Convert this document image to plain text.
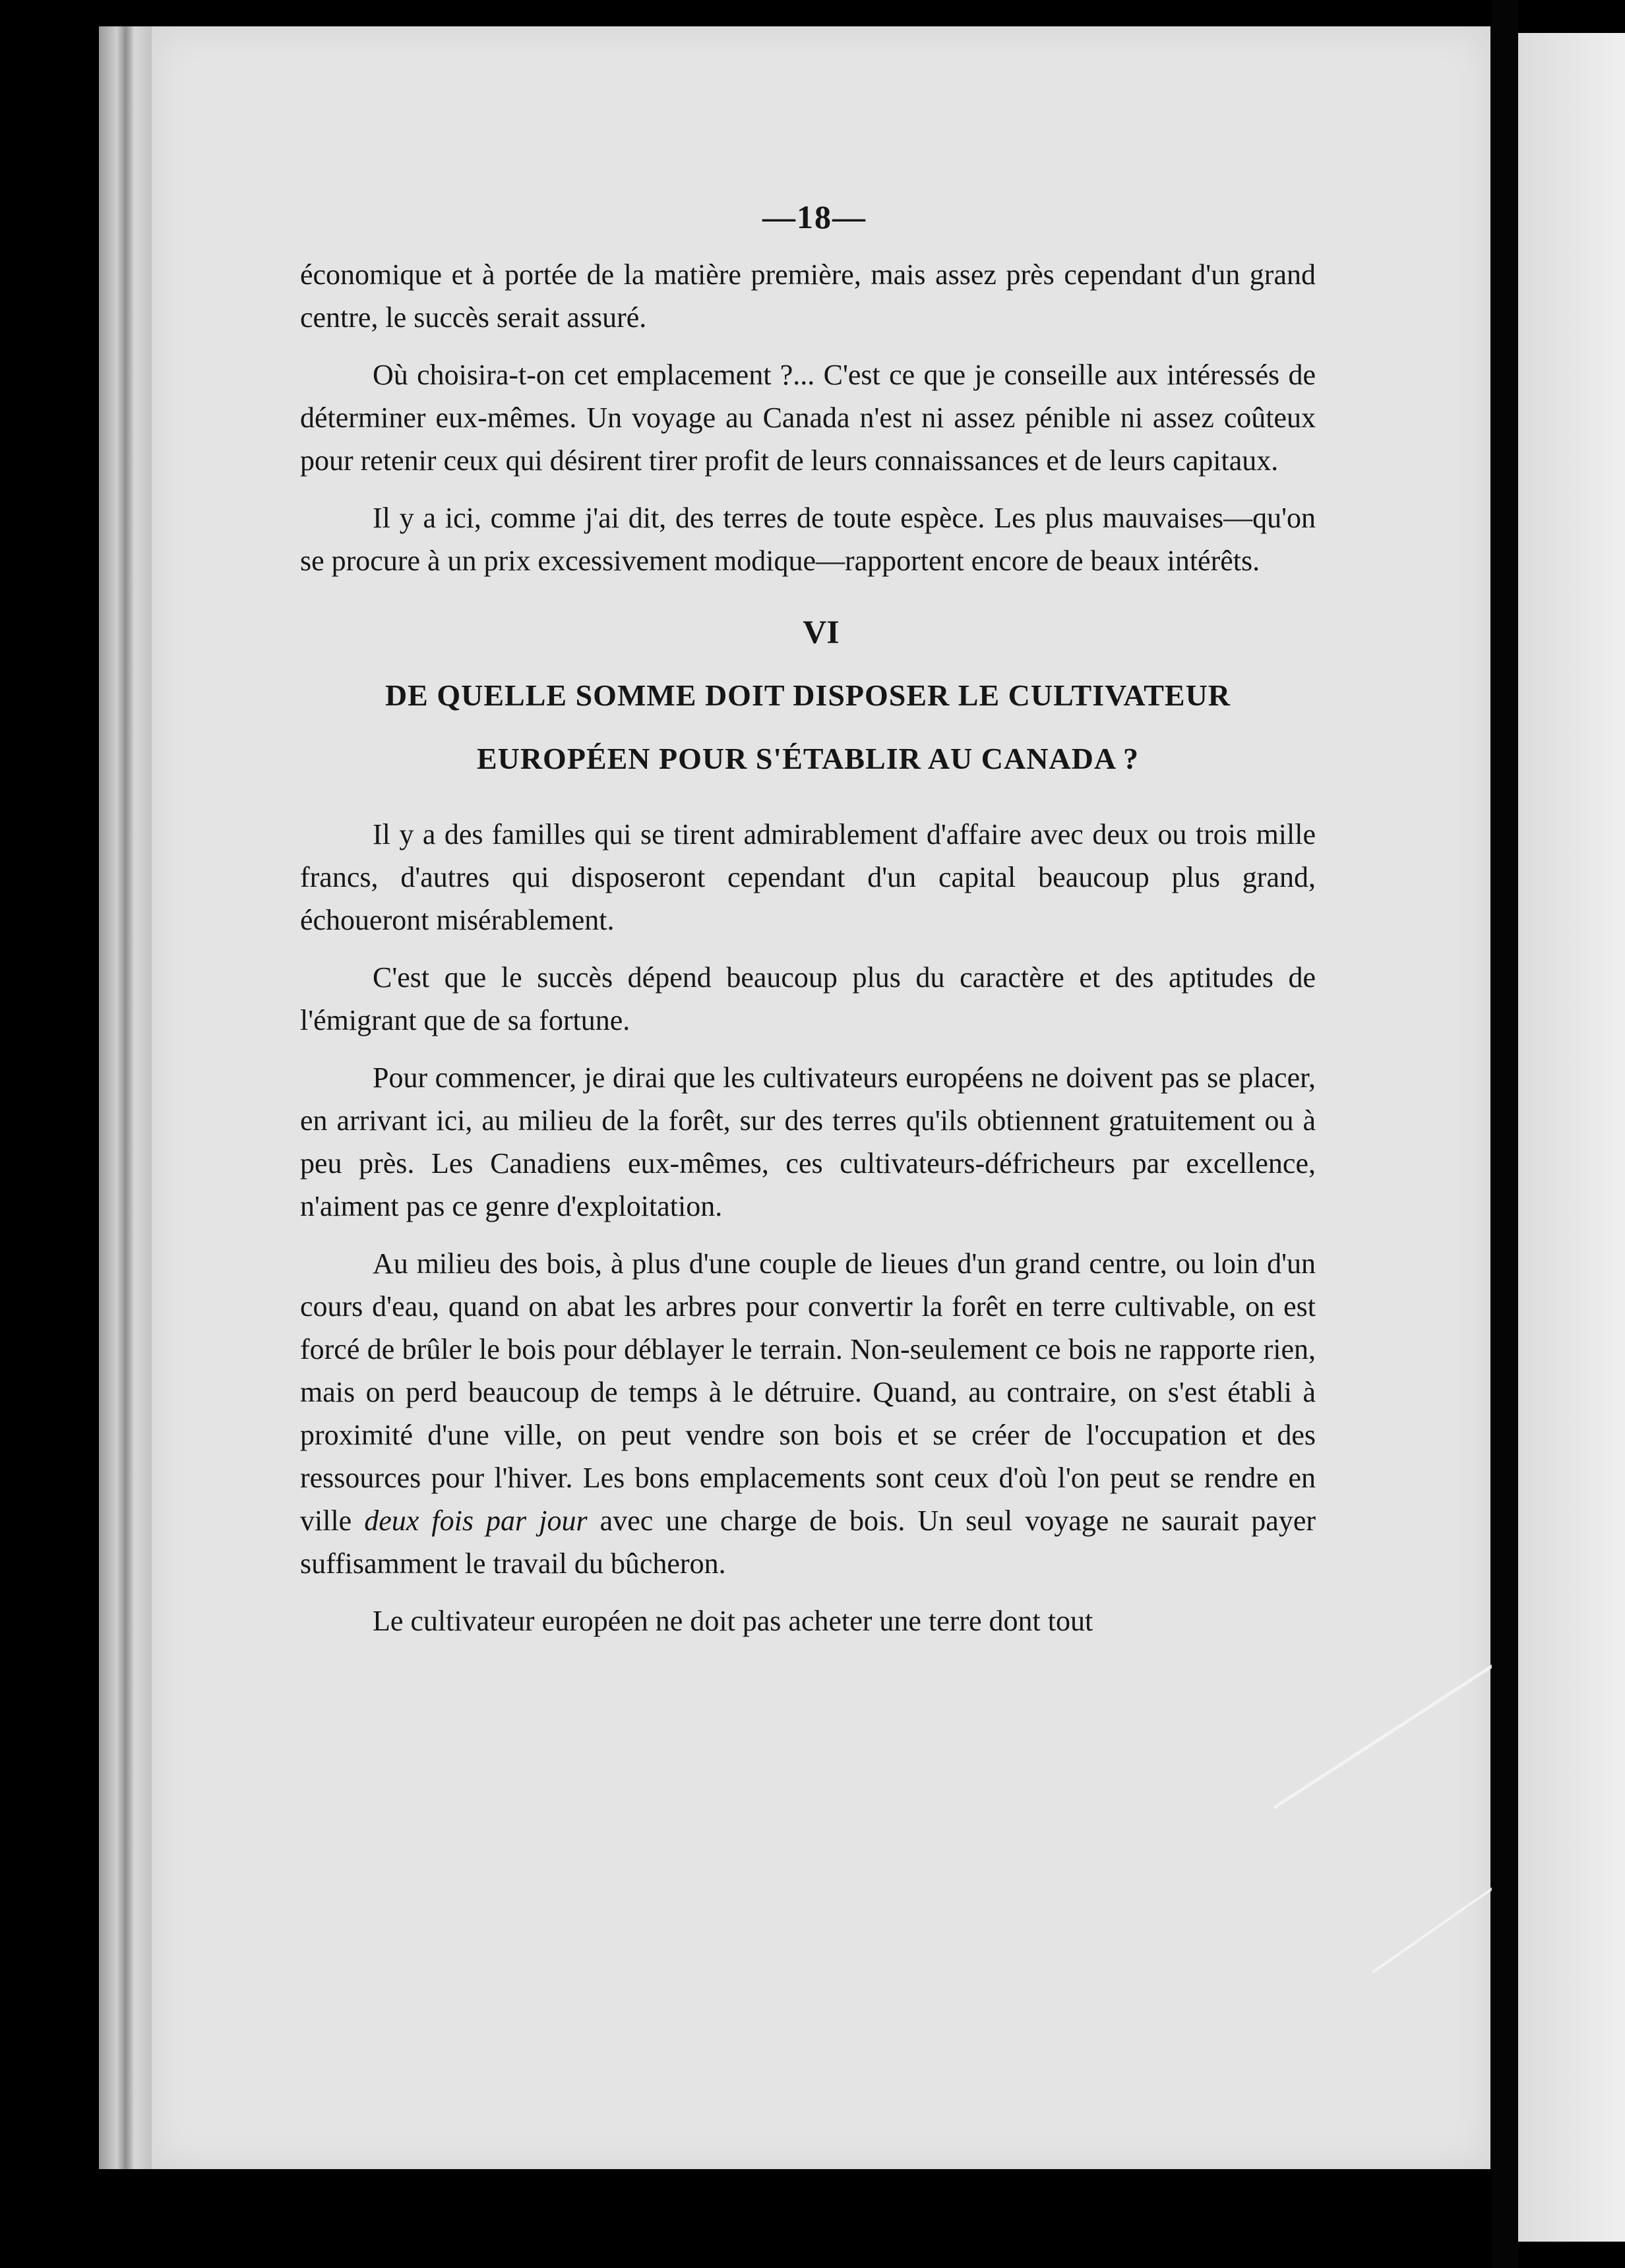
—18—

économique et à portée de la matière première, mais assez près cependant d'un grand centre, le succès serait assuré.

Où choisira-t-on cet emplacement ?... C'est ce que je conseille aux intéressés de déterminer eux-mêmes. Un voyage au Canada n'est ni assez pénible ni assez coûteux pour retenir ceux qui désirent tirer profit de leurs connaissances et de leurs capitaux.

Il y a ici, comme j'ai dit, des terres de toute espèce. Les plus mauvaises—qu'on se procure à un prix excessivement modique—rapportent encore de beaux intérêts.

VI
DE QUELLE SOMME DOIT DISPOSER LE CULTIVATEUR
EUROPÉEN POUR S'ÉTABLIR AU CANADA ?

Il y a des familles qui se tirent admirablement d'affaire avec deux ou trois mille francs, d'autres qui disposeront cependant d'un capital beaucoup plus grand, échoueront misérablement.

C'est que le succès dépend beaucoup plus du caractère et des aptitudes de l'émigrant que de sa fortune.

Pour commencer, je dirai que les cultivateurs européens ne doivent pas se placer, en arrivant ici, au milieu de la forêt, sur des terres qu'ils obtiennent gratuitement ou à peu près. Les Canadiens eux-mêmes, ces cultivateurs-défricheurs par excellence, n'aiment pas ce genre d'exploitation.

Au milieu des bois, à plus d'une couple de lieues d'un grand centre, ou loin d'un cours d'eau, quand on abat les arbres pour convertir la forêt en terre cultivable, on est forcé de brûler le bois pour déblayer le terrain. Non-seulement ce bois ne rapporte rien, mais on perd beaucoup de temps à le détruire. Quand, au contraire, on s'est établi à proximité d'une ville, on peut vendre son bois et se créer de l'occupation et des ressources pour l'hiver. Les bons emplacements sont ceux d'où l'on peut se rendre en ville deux fois par jour avec une charge de bois. Un seul voyage ne saurait payer suffisamment le travail du bûcheron.

Le cultivateur européen ne doit pas acheter une terre dont tout
